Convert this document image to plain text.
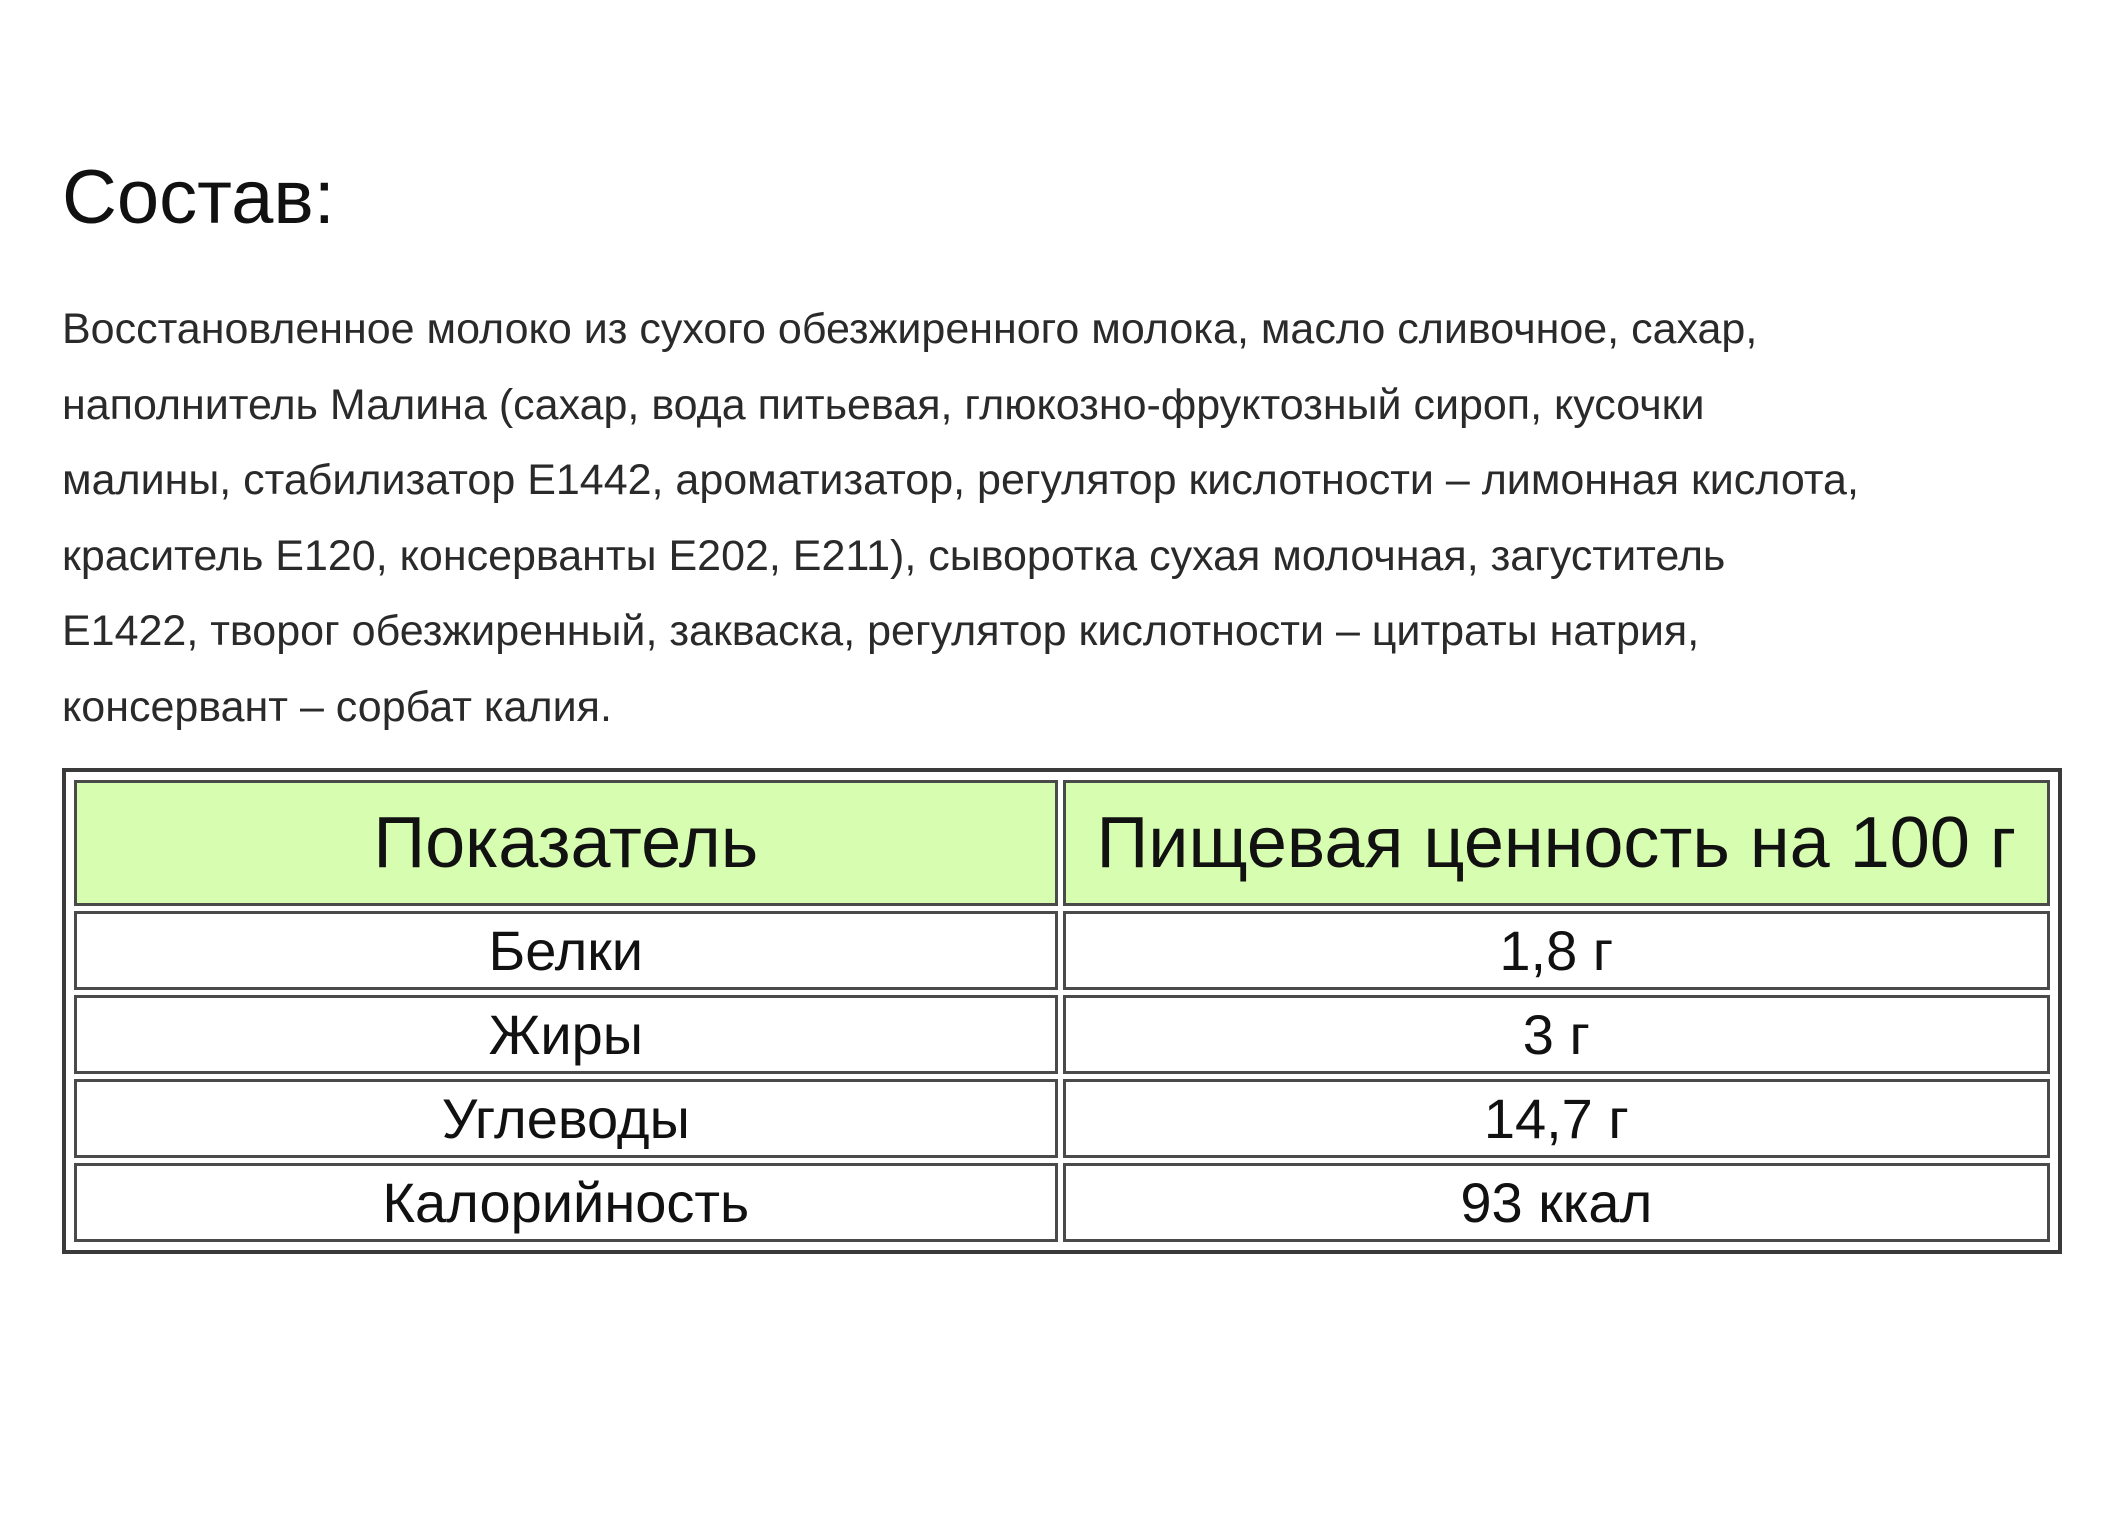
Состав:
Восстановленное молоко из сухого обезжиренного молока, масло сливочное, сахар,
наполнитель Малина (сахар, вода питьевая, глюкозно-фруктозный сироп, кусочки
малины, стабилизатор Е1442, ароматизатор, регулятор кислотности – лимонная кислота,
краситель Е120, консерванты Е202, Е211), сыворотка сухая молочная, загуститель
Е1422, творог обезжиренный, закваска, регулятор кислотности – цитраты натрия,
консервант – сорбат калия.
Показатель	Пищевая ценность на 100 г
Белки	1,8 г
Жиры	3 г
Углеводы	14,7 г
Калорийность	93 ккал
